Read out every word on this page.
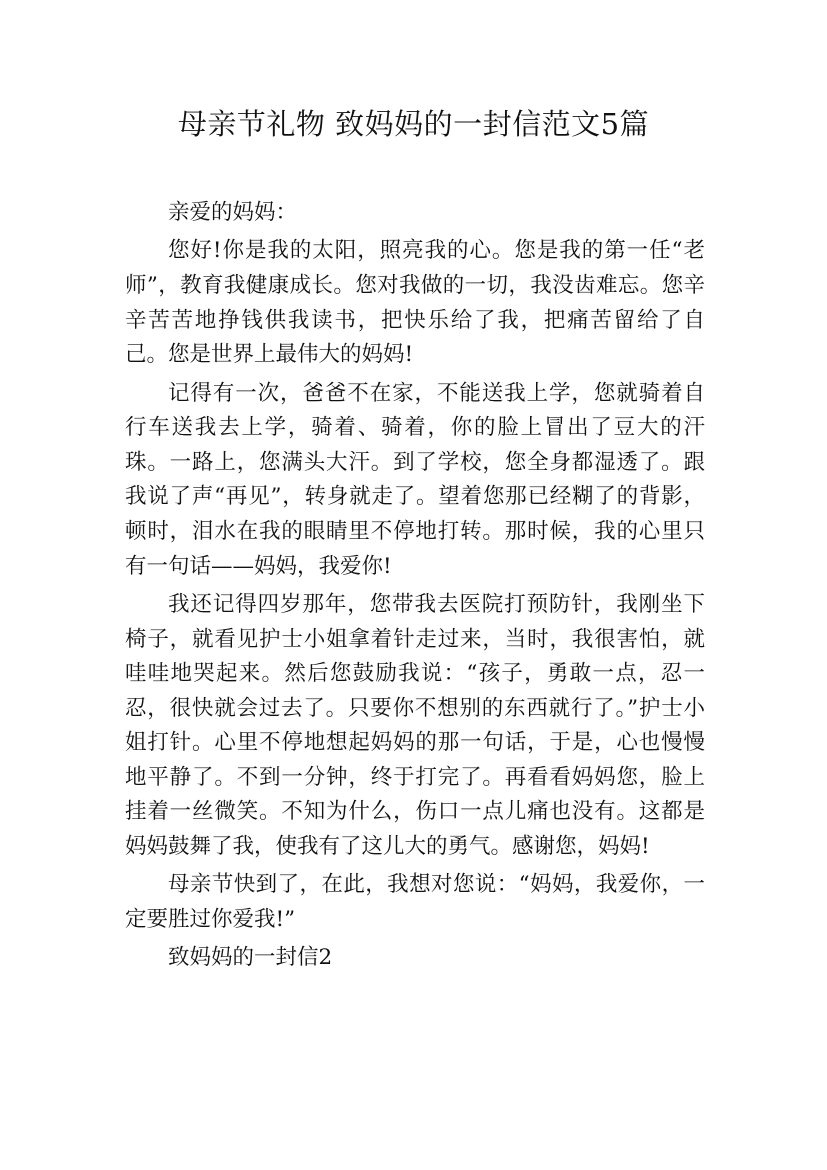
母亲节礼物 致妈妈的一封信范文5篇

亲爱的妈妈：

您好!你是我的太阳，照亮我的心。您是我的第一任“老师”，教育我健康成长。您对我做的一切，我没齿难忘。您辛辛苦苦地挣钱供我读书，把快乐给了我，把痛苦留给了自己。您是世界上最伟大的妈妈!

记得有一次，爸爸不在家，不能送我上学，您就骑着自行车送我去上学，骑着、骑着，你的脸上冒出了豆大的汗珠。一路上，您满头大汗。到了学校，您全身都湿透了。跟我说了声“再见”，转身就走了。望着您那已经糊了的背影，顿时，泪水在我的眼睛里不停地打转。那时候，我的心里只有一句话——妈妈，我爱你!

我还记得四岁那年，您带我去医院打预防针，我刚坐下椅子，就看见护士小姐拿着针走过来，当时，我很害怕，就哇哇地哭起来。然后您鼓励我说：“孩子，勇敢一点，忍一忍，很快就会过去了。只要你不想别的东西就行了。”护士小姐打针。心里不停地想起妈妈的那一句话，于是，心也慢慢地平静了。不到一分钟，终于打完了。再看看妈妈您，脸上挂着一丝微笑。不知为什么，伤口一点儿痛也没有。这都是妈妈鼓舞了我，使我有了这儿大的勇气。感谢您，妈妈!

母亲节快到了，在此，我想对您说：“妈妈，我爱你，一定要胜过你爱我!”

致妈妈的一封信2
